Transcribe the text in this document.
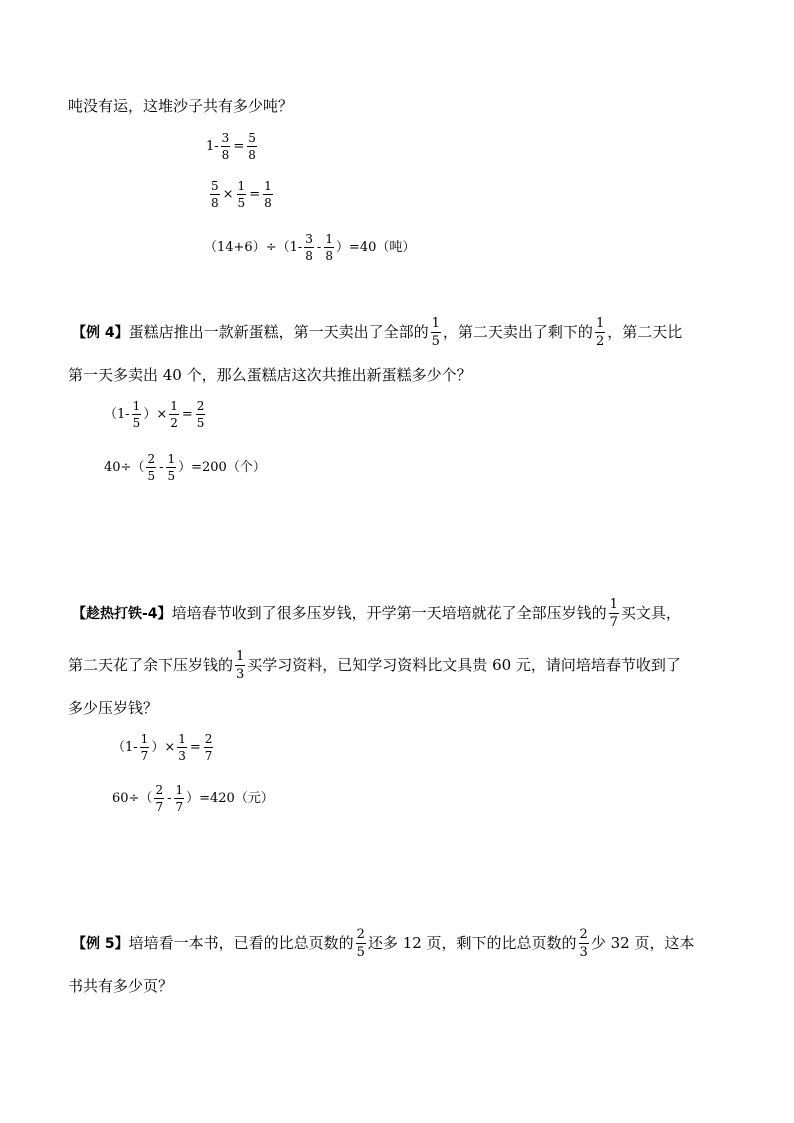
吨没有运，这堆沙子共有多少吨？
$1- \frac{3}{8} = \frac{5}{8}$
$\frac{5}{8} \times \frac{1}{5} = \frac{1}{8}$
$(14+6)\div(1- \frac{3}{8} - \frac{1}{8} )=40$（吨）
【例 4】 蛋糕店推出一款新蛋糕，第一天卖出了全部的 $\frac{1}{5}$ ，第二天卖出了剩下的 $\frac{1}{2}$ ，第二天比
第一天多卖出 40 个，那么蛋糕店这次共推出新蛋糕多少个？
（$1- \frac{1}{5}$ ）× $\frac{1}{2} = \frac{2}{5}$
$40\div( \frac{2}{5} - \frac{1}{5} )=200$（个）
【趁热打铁-4】 培培春节收到了很多压岁钱，开学第一天培培就花了全部压岁钱的 $\frac{1}{7}$ 买文具，
第二天花了余下压岁钱的 $\frac{1}{3}$ 买学习资料，已知学习资料比文具贵 60 元，请问培培春节收到了
多少压岁钱？
（$1- \frac{1}{7}$ ）× $\frac{1}{3} = \frac{2}{7}$
$60\div( \frac{2}{7} - \frac{1}{7} )=420$（元）
【例 5】 培培看一本书，已看的比总页数的 $\frac{2}{5}$ 还多 12 页，剩下的比总页数的 $\frac{2}{3}$ 少 32 页，这本
书共有多少页？
